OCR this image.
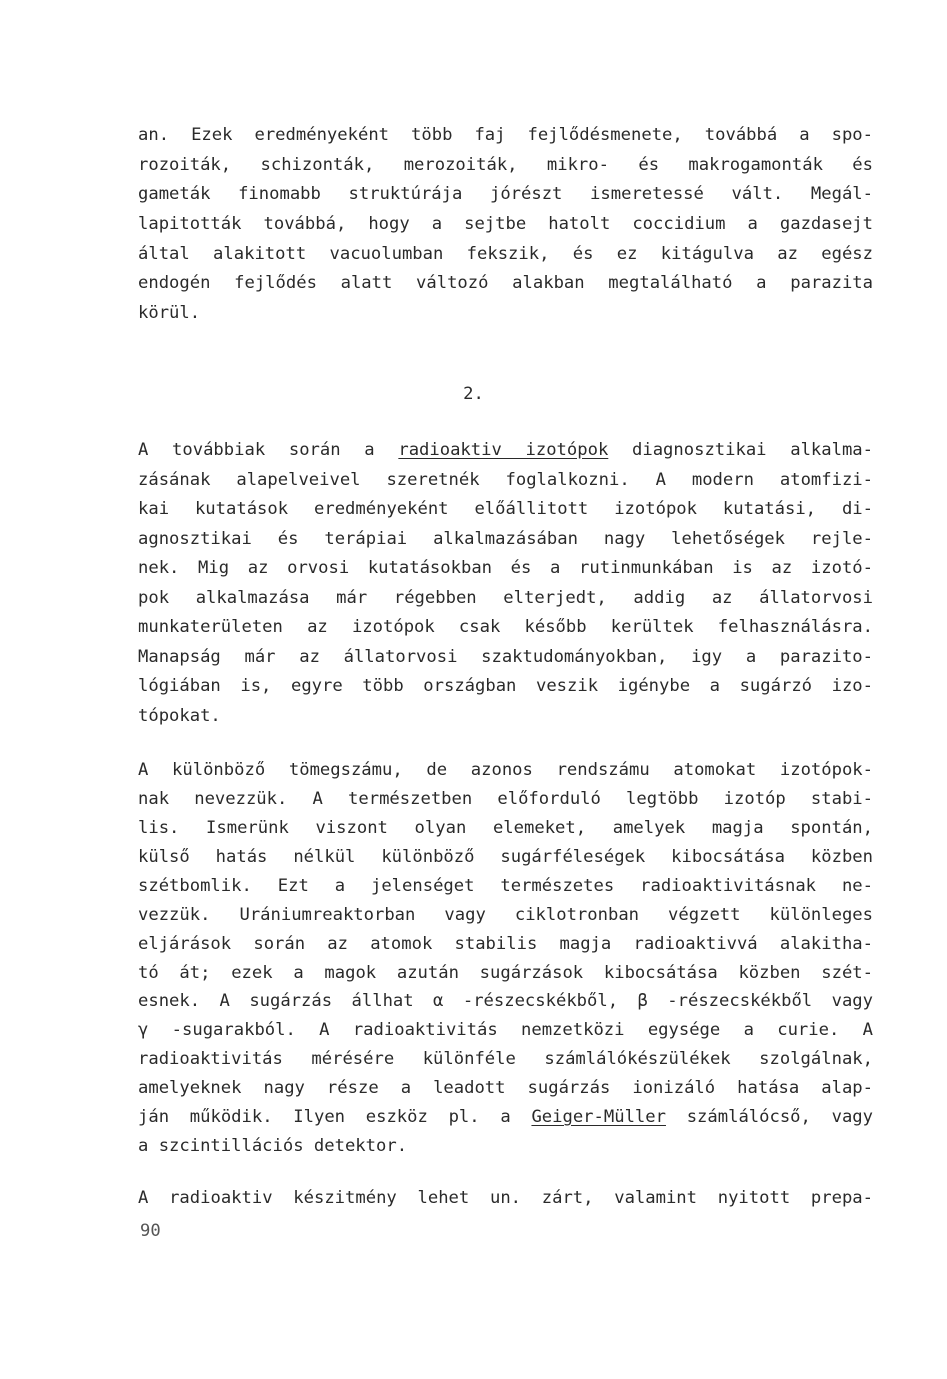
an. Ezek eredményeként több faj fejlődésmenete, továbbá a spo-
rozoiták, schizonták, merozoiták, mikro- és makrogamonták és
gameták finomabb struktúrája jórészt ismeretessé vált. Megál-
lapitották továbbá, hogy a sejtbe hatolt coccidium a gazdasejt
által alakitott vacuolumban fekszik, és ez kitágulva az egész
endogén fejlődés alatt változó alakban megtalálható a parazita
körül.
2.
A továbbiak során a radioaktiv izotópok diagnosztikai alkalma-
zásának alapelveivel szeretnék foglalkozni. A modern atomfizi-
kai kutatások eredményeként előállitott izotópok kutatási, di-
agnosztikai és terápiai alkalmazásában nagy lehetőségek rejle-
nek. Mig az orvosi kutatásokban és a rutinmunkában is az izotó-
pok alkalmazása már régebben elterjedt, addig az állatorvosi
munkaterületen az izotópok csak később kerültek felhasználásra.
Manapság már az állatorvosi szaktudományokban, igy a parazito-
lógiában is, egyre több országban veszik igénybe a sugárzó izo-
tópokat.
A különböző tömegszámu, de azonos rendszámu atomokat izotópok-
nak nevezzük. A természetben előforduló legtöbb izotóp stabi-
lis. Ismerünk viszont olyan elemeket, amelyek magja spontán,
külső hatás nélkül különböző sugárféleségek kibocsátása közben
szétbomlik. Ezt a jelenséget természetes radioaktivitásnak ne-
vezzük. Urániumreaktorban vagy ciklotronban végzett különleges
eljárások során az atomok stabilis magja radioaktivvá alakitha-
tó át; ezek a magok azután sugárzások kibocsátása közben szét-
esnek. A sugárzás állhat α -részecskékből, β -részecskékből vagy
γ -sugarakból. A radioaktivitás nemzetközi egysége a curie. A
radioaktivitás mérésére különféle számlálókészülékek szolgálnak,
amelyeknek nagy része a leadott sugárzás ionizáló hatása alap-
ján működik. Ilyen eszköz pl. a Geiger-Müller számlálócső, vagy
a szcintillációs detektor.
A radioaktiv készitmény lehet un. zárt, valamint nyitott prepa-
90
